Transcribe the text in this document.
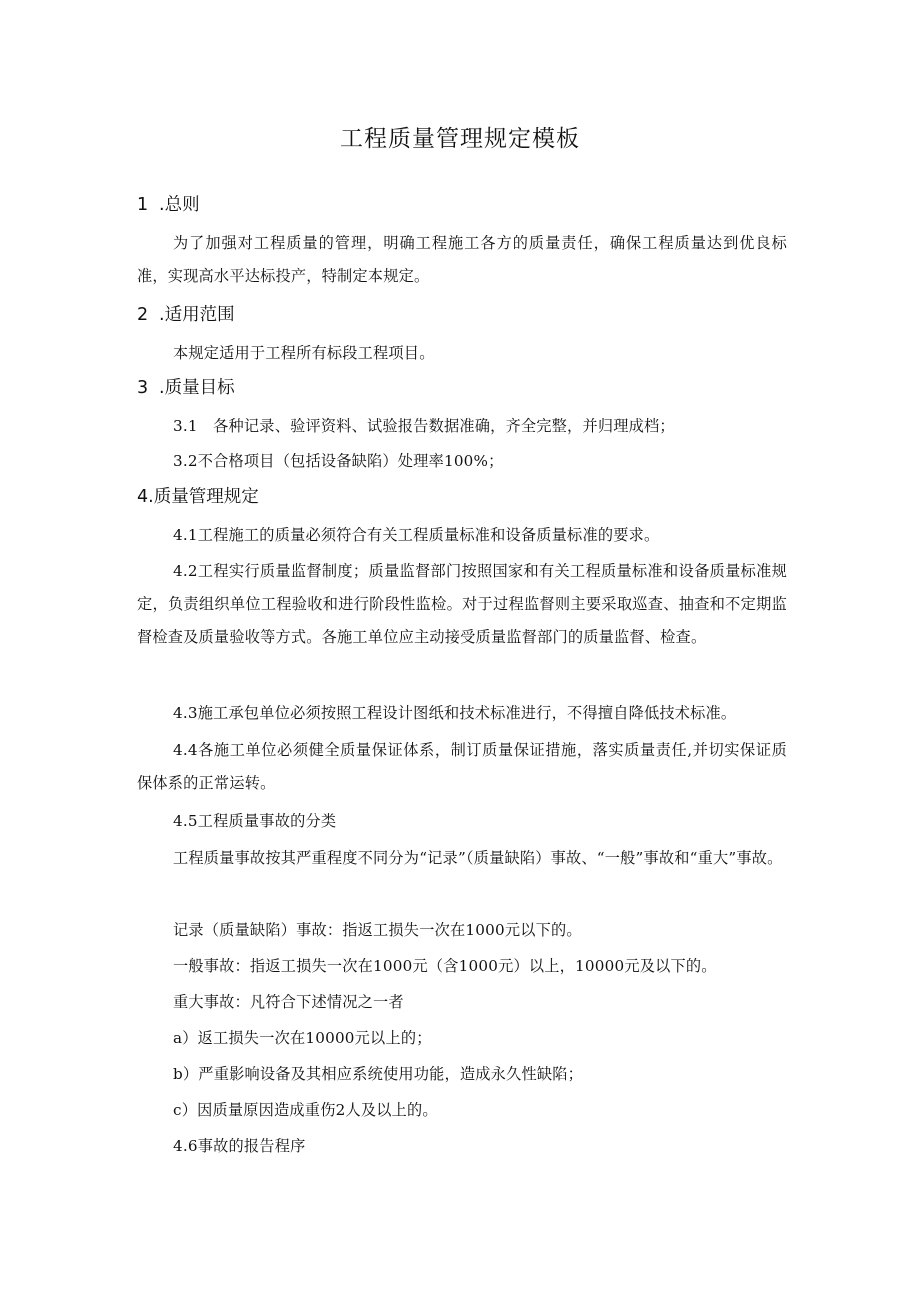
工程质量管理规定模板
1 .总则
为了加强对工程质量的管理，明确工程施工各方的质量责任，确保工程质量达到优良标准，实现高水平达标投产，特制定本规定。
2 .适用范围
本规定适用于工程所有标段工程项目。
3 .质量目标
3.1　各种记录、验评资料、试验报告数据准确，齐全完整，并归理成档；
3.2不合格项目（包括设备缺陷）处理率100%；
4.质量管理规定
4.1工程施工的质量必须符合有关工程质量标准和设备质量标准的要求。
4.2工程实行质量监督制度；质量监督部门按照国家和有关工程质量标准和设备质量标准规定，负责组织单位工程验收和进行阶段性监检。对于过程监督则主要采取巡查、抽查和不定期监督检查及质量验收等方式。各施工单位应主动接受质量监督部门的质量监督、检查。
4.3施工承包单位必须按照工程设计图纸和技术标准进行，不得擅自降低技术标准。
4.4各施工单位必须健全质量保证体系，制订质量保证措施，落实质量责任,并切实保证质保体系的正常运转。
4.5工程质量事故的分类
工程质量事故按其严重程度不同分为“记录”（质量缺陷）事故、“一般”事故和“重大”事故。
记录（质量缺陷）事故：指返工损失一次在1000元以下的。
一般事故：指返工损失一次在1000元（含1000元）以上，10000元及以下的。
重大事故：凡符合下述情况之一者
a）返工损失一次在10000元以上的；
b）严重影响设备及其相应系统使用功能，造成永久性缺陷；
c）因质量原因造成重伤2人及以上的。
4.6事故的报告程序
